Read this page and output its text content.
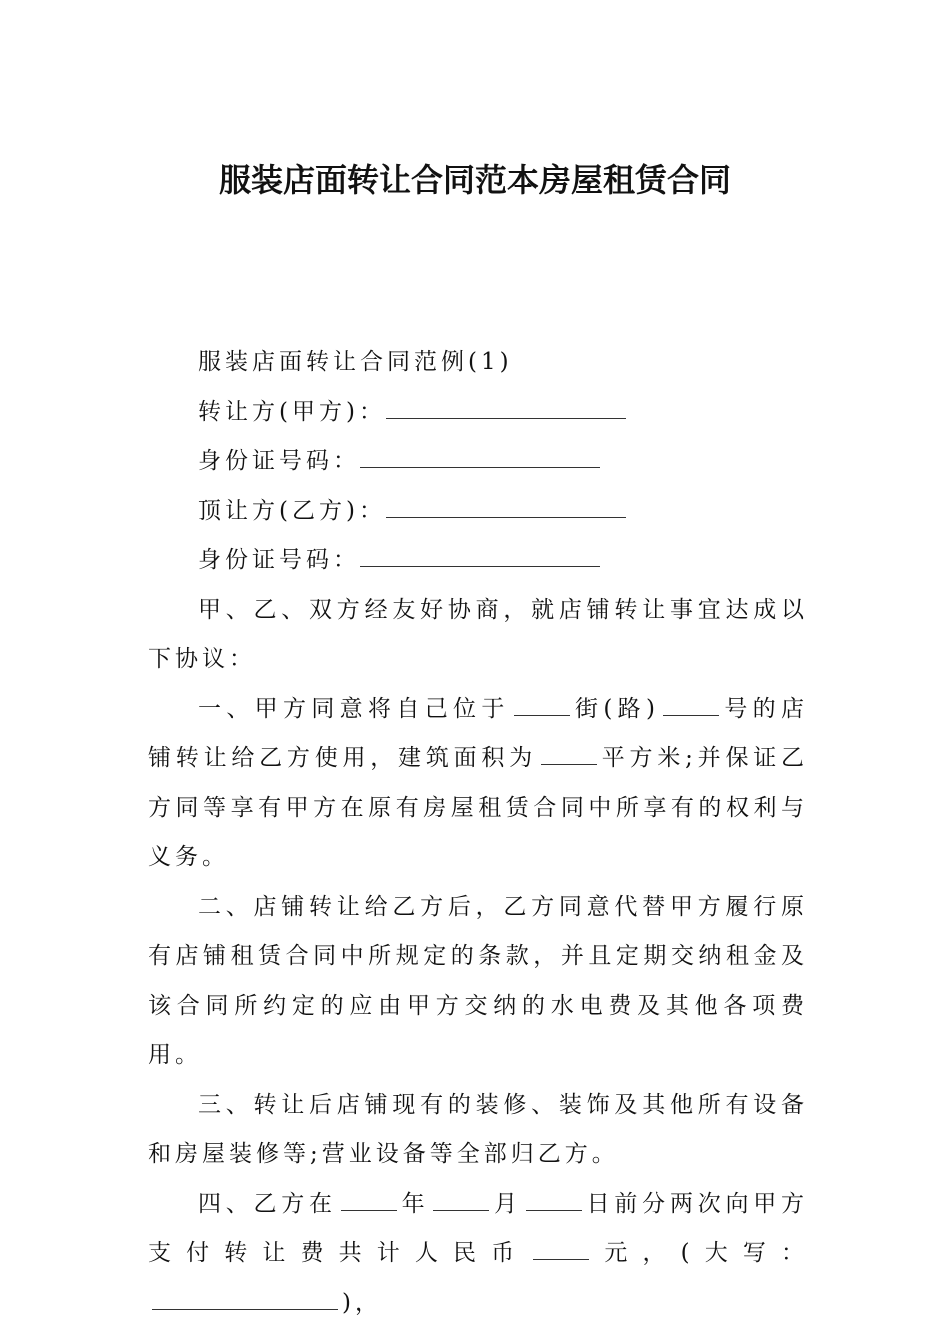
服装店面转让合同范本房屋租赁合同

服装店面转让合同范例(1)

转让方(甲方)：

身份证号码：

顶让方(乙方)：

身份证号码：

甲、乙、双方经友好协商，就店铺转让事宜达成以下协议：

一、甲方同意将自己位于	街(路)	号的店铺转让给乙方使用，建筑面积为	平方米;并保证乙方同等享有甲方在原有房屋租赁合同中所享有的权利与义务。

二、店铺转让给乙方后，乙方同意代替甲方履行原有店铺租赁合同中所规定的条款，并且定期交纳租金及该合同所约定的应由甲方交纳的水电费及其他各项费用。

三、转让后店铺现有的装修、装饰及其他所有设备和房屋装修等;营业设备等全部归乙方。

四、乙方在	年	月	日前分两次向甲方支付转让费共计人民币	元，(大写：)，
